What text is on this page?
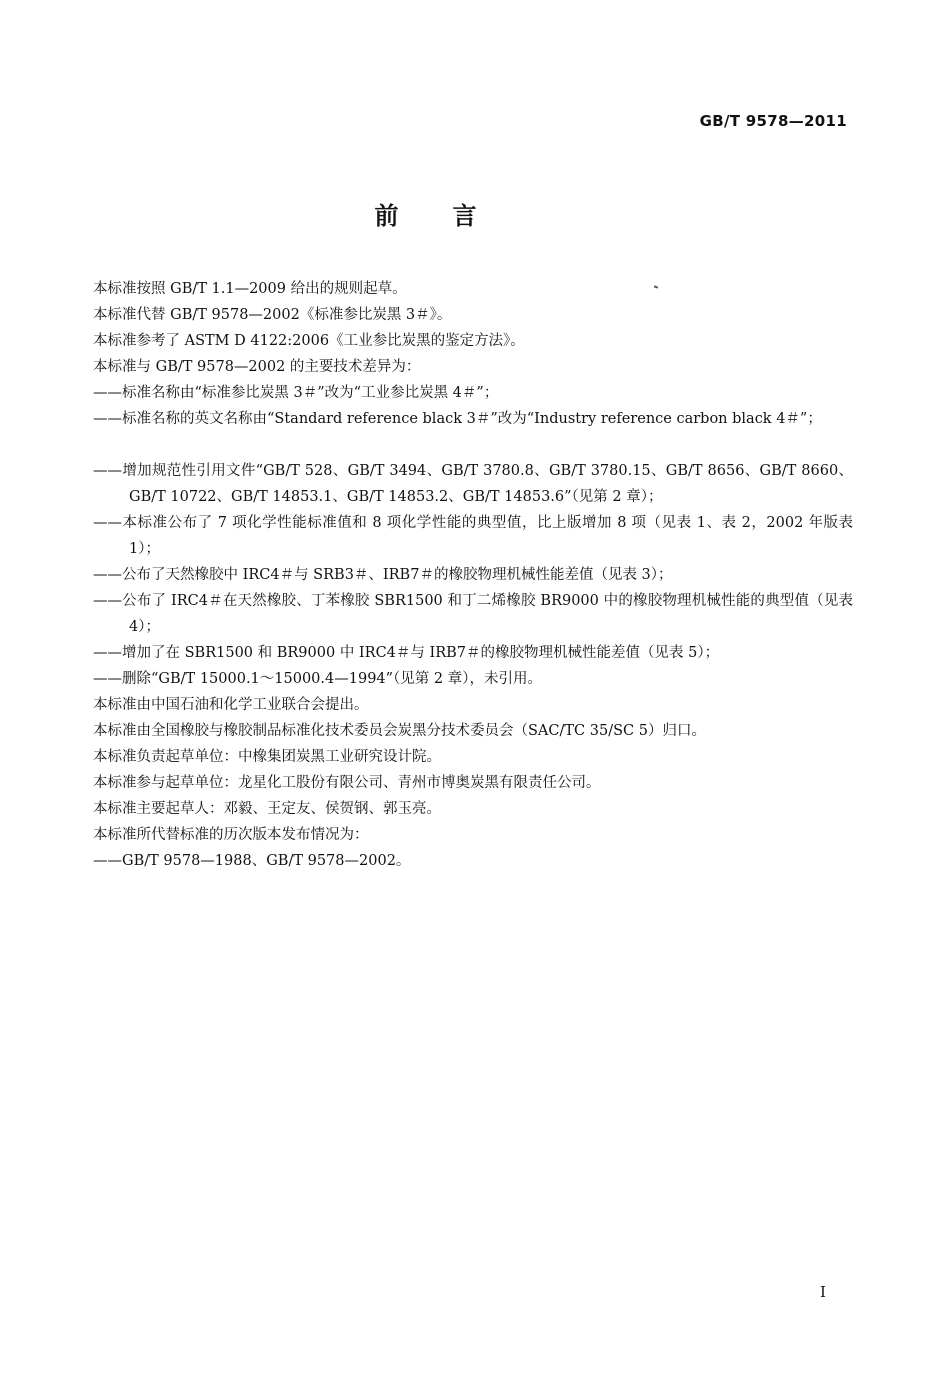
GB/T 9578—2011
前言
本标准按照 GB/T 1.1—2009 给出的规则起草。
本标准代替 GB/T 9578—2002《标准参比炭黑 3＃》。
本标准参考了 ASTM D 4122:2006《工业参比炭黑的鉴定方法》。
本标准与 GB/T 9578—2002 的主要技术差异为：
——标准名称由“标准参比炭黑 3＃”改为“工业参比炭黑 4＃”；
——标准名称的英文名称由“Standard reference black 3＃”改为“Industry reference carbon black 4＃”；
——增加规范性引用文件“GB/T 528、GB/T 3494、GB/T 3780.8、GB/T 3780.15、GB/T 8656、GB/T 8660、GB/T 10722、GB/T 14853.1、GB/T 14853.2、GB/T 14853.6”（见第 2 章）；
——本标准公布了 7 项化学性能标准值和 8 项化学性能的典型值，比上版增加 8 项（见表 1、表 2，2002 年版表 1）；
——公布了天然橡胶中 IRC4＃与 SRB3＃、IRB7＃的橡胶物理机械性能差值（见表 3）；
——公布了 IRC4＃在天然橡胶、丁苯橡胶 SBR1500 和丁二烯橡胶 BR9000 中的橡胶物理机械性能的典型值（见表 4）；
——增加了在 SBR1500 和 BR9000 中 IRC4＃与 IRB7＃的橡胶物理机械性能差值（见表 5）；
——删除“GB/T 15000.1～15000.4—1994”（见第 2 章），未引用。
本标准由中国石油和化学工业联合会提出。
本标准由全国橡胶与橡胶制品标准化技术委员会炭黑分技术委员会（SAC/TC 35/SC 5）归口。
本标准负责起草单位：中橡集团炭黑工业研究设计院。
本标准参与起草单位：龙星化工股份有限公司、青州市博奥炭黑有限责任公司。
本标准主要起草人：邓毅、王定友、侯贺钢、郭玉亮。
本标准所代替标准的历次版本发布情况为：
——GB/T 9578—1988、GB/T 9578—2002。
I
